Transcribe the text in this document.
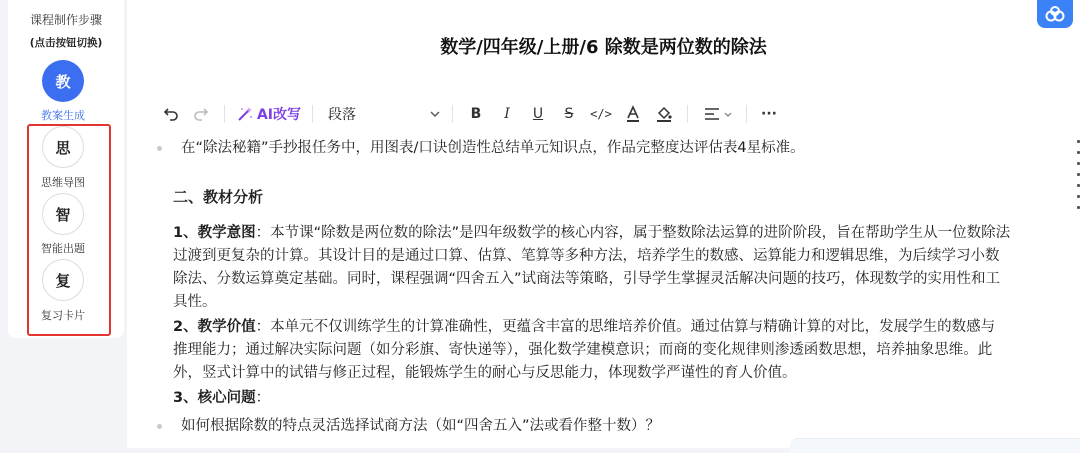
课程制作步骤
(点击按钮切换)
教
教案生成
思
思维导图
智
智能出题
复
复习卡片
数学/四年级/上册/6 除数是两位数的除法
AI改写 段落	B I U S </>	···
在“除法秘籍”手抄报任务中，用图表/口诀创造性总结单元知识点，作品完整度达评估表4星标准。
二、教材分析
1、教学意图：本节课“除数是两位数的除法”是四年级数学的核心内容，属于整数除法运算的进阶阶段，旨在帮助学生从一位数除法
过渡到更复杂的计算。其设计目的是通过口算、估算、笔算等多种方法，培养学生的数感、运算能力和逻辑思维，为后续学习小数
除法、分数运算奠定基础。同时，课程强调“四舍五入”试商法等策略，引导学生掌握灵活解决问题的技巧，体现数学的实用性和工
具性。
2、教学价值：本单元不仅训练学生的计算准确性，更蕴含丰富的思维培养价值。通过估算与精确计算的对比，发展学生的数感与
推理能力；通过解决实际问题（如分彩旗、寄快递等），强化数学建模意识；而商的变化规律则渗透函数思想，培养抽象思维。此
外，竖式计算中的试错与修正过程，能锻炼学生的耐心与反思能力，体现数学严谨性的育人价值。
3、核心问题：
如何根据除数的特点灵活选择试商方法（如“四舍五入”法或看作整十数）？
